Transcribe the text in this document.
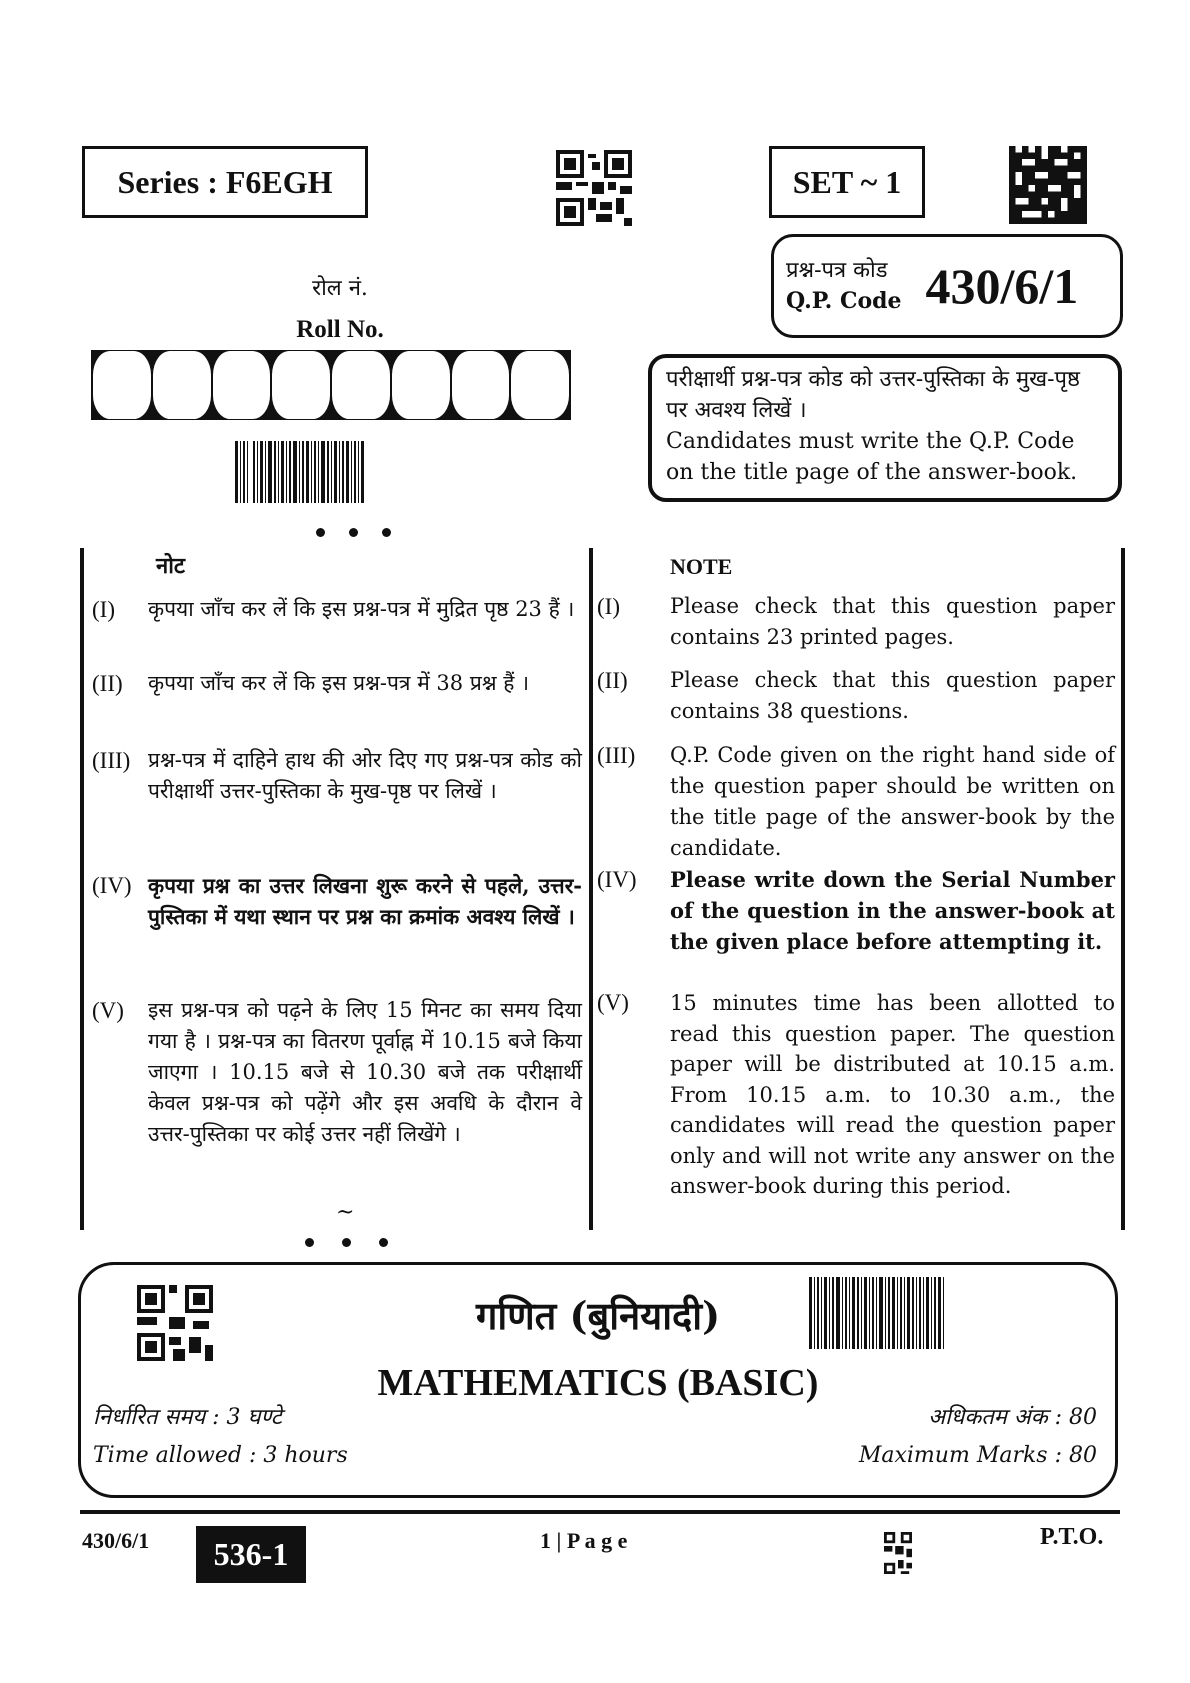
Series : F6EGH	SET ~ 1
प्रश्न-पत्र कोड
Q.P. Code 430/6/1
रोल नं.
Roll No.
परीक्षार्थी प्रश्न-पत्र कोड को उत्तर-पुस्तिका के मुख-पृष्ठ पर अवश्य लिखें ।
Candidates must write the Q.P. Code on the title page of the answer-book.
नोट
(I)	कृपया जाँच कर लें कि इस प्रश्न-पत्र में मुद्रित पृष्ठ 23 हैं ।
(II)	कृपया जाँच कर लें कि इस प्रश्न-पत्र में 38 प्रश्न हैं ।
(III) प्रश्न-पत्र में दाहिने हाथ की ओर दिए गए प्रश्न-पत्र कोड को परीक्षार्थी उत्तर-पुस्तिका के मुख-पृष्ठ पर लिखें ।
(IV) कृपया प्रश्न का उत्तर लिखना शुरू करने से पहले, उत्तर-पुस्तिका में यथा स्थान पर प्रश्न का क्रमांक अवश्य लिखें ।
(V)	इस प्रश्न-पत्र को पढ़ने के लिए 15 मिनट का समय दिया गया है । प्रश्न-पत्र का वितरण पूर्वाह्न में 10.15 बजे किया जाएगा । 10.15 बजे से 10.30 बजे तक परीक्षार्थी केवल प्रश्न-पत्र को पढ़ेंगे और इस अवधि के दौरान वे उत्तर-पुस्तिका पर कोई उत्तर नहीं लिखेंगे ।
NOTE
(I)	Please check that this question paper contains 23 printed pages.
(II)	Please check that this question paper contains 38 questions.
(III)	Q.P. Code given on the right hand side of the question paper should be written on the title page of the answer-book by the candidate.
(IV)	Please write down the Serial Number of the question in the answer-book at the given place before attempting it.
(V)	15 minutes time has been allotted to read this question paper. The question paper will be distributed at 10.15 a.m. From 10.15 a.m. to 10.30 a.m., the candidates will read the question paper only and will not write any answer on the answer-book during this period.
~
गणित (बुनियादी)
MATHEMATICS (BASIC)
निर्धारित समय : 3 घण्टे
Time allowed : 3 hours
अधिकतम अंक : 80
Maximum Marks : 80
430/6/1	536-1	1 | P a g e	P.T.O.
